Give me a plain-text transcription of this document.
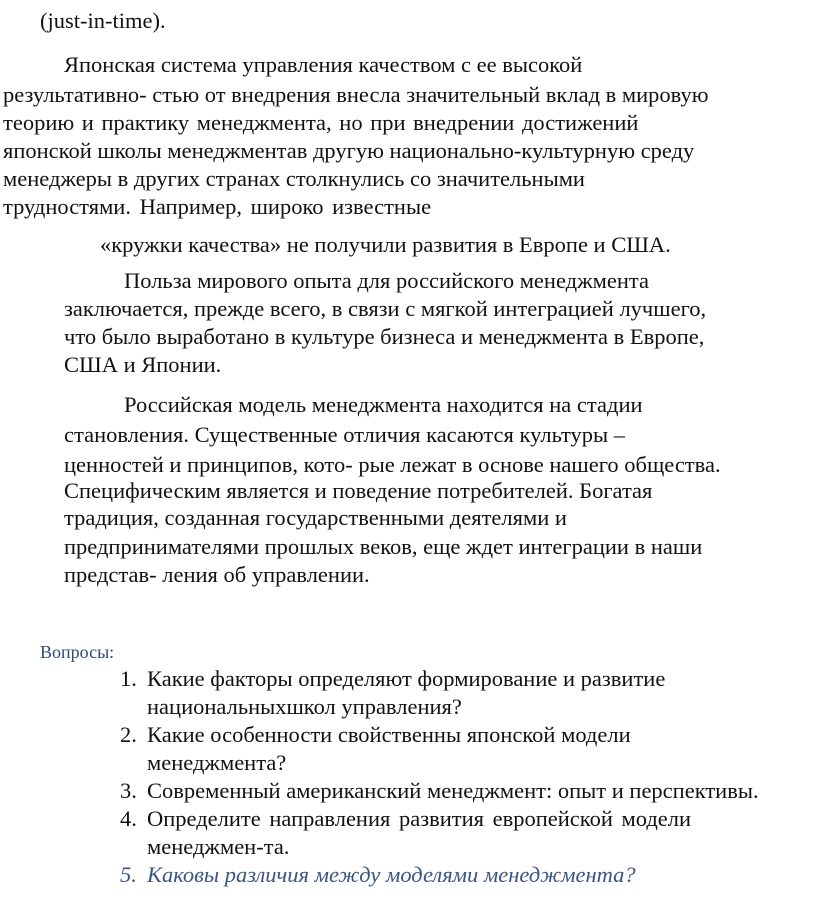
(just-in-time).

Японская система управления качеством с ее высокой

результативно- стью от внедрения внесла значительный вклад в мировую

теорию и практику менеджмента, но при внедрении достижений

японской школы менеджментав другую национально-культурную среду

менеджеры в других странах столкнулись со значительными

трудностями. Например, широко известные

«кружки качества» не получили развития в Европе и США.

Польза мирового опыта для российского менеджмента

заключается, прежде всего, в связи с мягкой интеграцией лучшего,

что было выработано в культуре бизнеса и менеджмента в Европе,

США и Японии.

Российская модель менеджмента находится на стадии

становления. Существенные отличия касаются культуры –

ценностей и принципов, кото- рые лежат в основе нашего общества.

Специфическим является и поведение потребителей. Богатая

традиция, созданная государственными деятелями и

предпринимателями прошлых веков, еще ждет интеграции в наши

представ- ления об управлении.

Вопросы:
1. Какие факторы определяют формирование и развитие
национальныхшкол управления?
2. Какие особенности свойственны японской модели
менеджмента?
3. Современный американский менеджмент: опыт и перспективы.
4. Определите направления развития европейской модели
менеджмен-та.
5. Каковы различия между моделями менеджмента?
